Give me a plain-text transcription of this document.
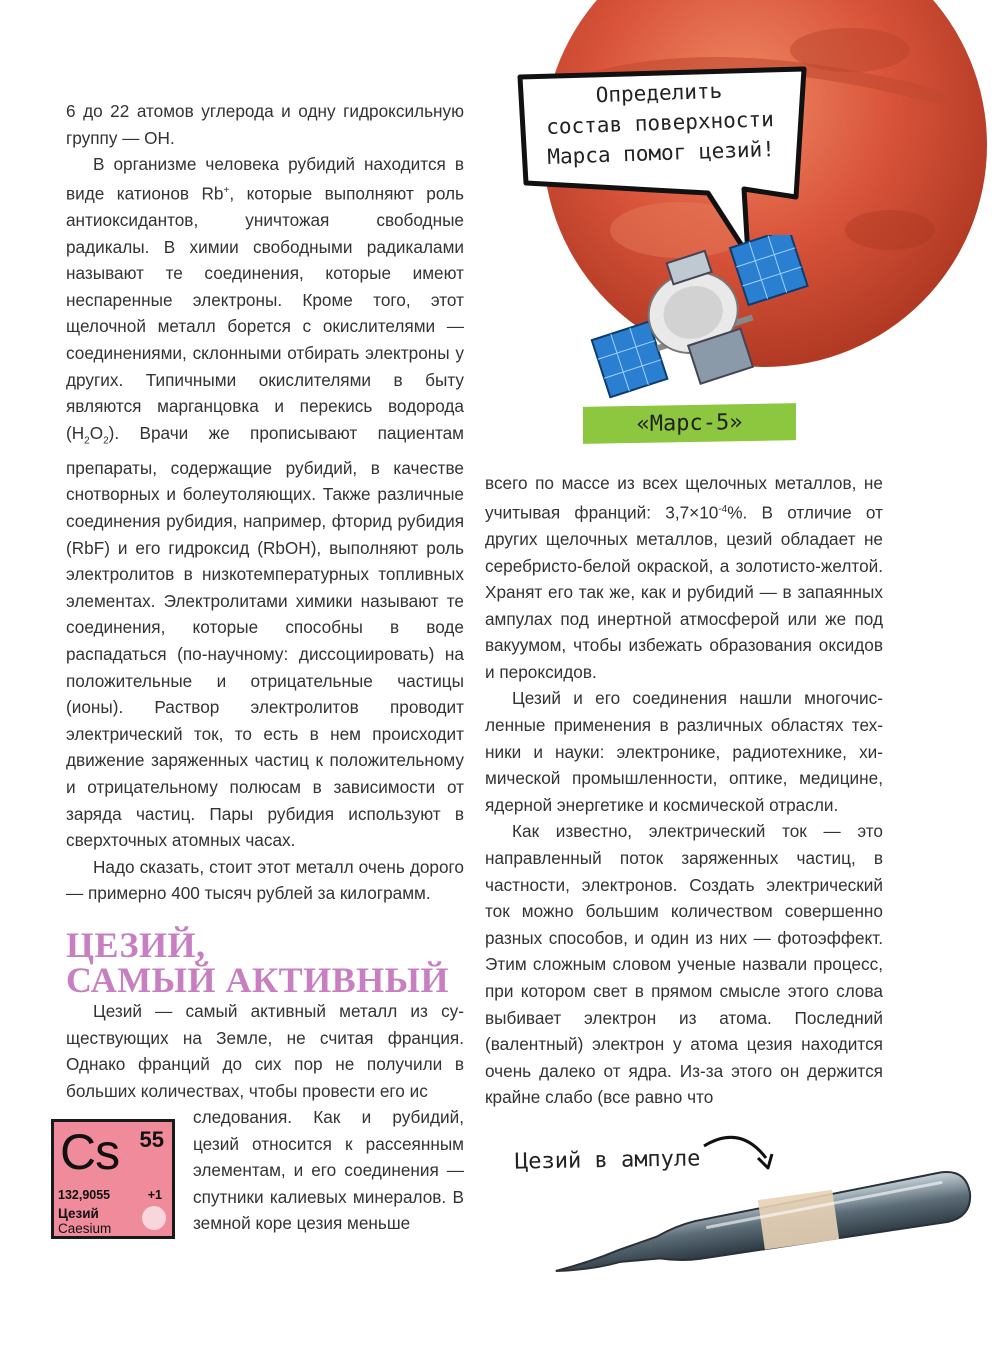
Определить
состав поверхности
Марса помог цезий!
«Марс-5»

6 до 22 атомов углерода и одну гидроксильную группу — ОН.

В организме человека рубидий находится в виде катионов Rb+, которые выполняют роль антиоксидантов, уничтожая свободные радикалы. В химии свободными радикалами называют те соединения, которые имеют неспаренные электроны. Кроме того, этот щелочной металл борется с окислителями — соединениями, склонными отбирать электроны у других. Типичными окислителями в быту являются марганцовка и перекись водорода $(H_2O_2)$. Врачи же прописывают пациентам препараты, содержащие рубидий, в качестве снотворных и болеутоляющих. Также различные соединения рубидия, например, фторид рубидия (RbF) и его гидроксид (RbOH), выполняют роль электролитов в низкотемпературных топливных элементах. Электролитами химики называют те соединения, которые способны в воде распадаться (по-научному: диссоциировать) на положительные и отрицательные частицы (ионы). Раствор электролитов проводит электрический ток, то есть в нем происходит движение заряженных частиц к положительному и отрицательному полюсам в зависимости от заряда частиц. Пары рубидия используют в сверхточных атомных часах.

Надо сказать, стоит этот металл очень дорого — примерно 400 тысяч рублей за килограмм.

ЦЕЗИЙ,
САМЫЙ АКТИВНЫЙ

Цезий — самый активный металл из существующих на Земле, не считая франция. Однако франций до сих пор не получили в больших количествах, чтобы провести его ис

следования. Как и рубидий, цезий относится к рассеянным элементам, и его соединения — спутники калиевых минералов. В земной коре цезия меньше

Cs 55
132,9055	+1
Цезий
Caesium

всего по массе из всех щелочных металлов, не учитывая франций: $3,7\times 10^{-4}\%$. В отличие от других щелочных металлов, цезий обладает не серебристо-белой окраской, а золотисто-желтой. Хранят его так же, как и рубидий — в запаянных ампулах под инертной атмосферой или же под вакуумом, чтобы избежать образования оксидов и пероксидов.

Цезий и его соединения нашли многочисленные применения в различных областях техники и науки: электронике, радиотехнике, химической промышленности, оптике, медицине, ядерной энергетике и космической отрасли.

Как известно, электрический ток — это направленный поток заряженных частиц, в частности, электронов. Создать электрический ток можно большим количеством совершенно разных способов, и один из них — фотоэффект. Этим сложным словом ученые назвали процесс, при котором свет в прямом смысле этого слова выбивает электрон из атома. Последний (валентный) электрон у атома цезия находится очень далеко от ядра. Из-за этого он держится крайне слабо (все равно что

Цезий в ампуле
